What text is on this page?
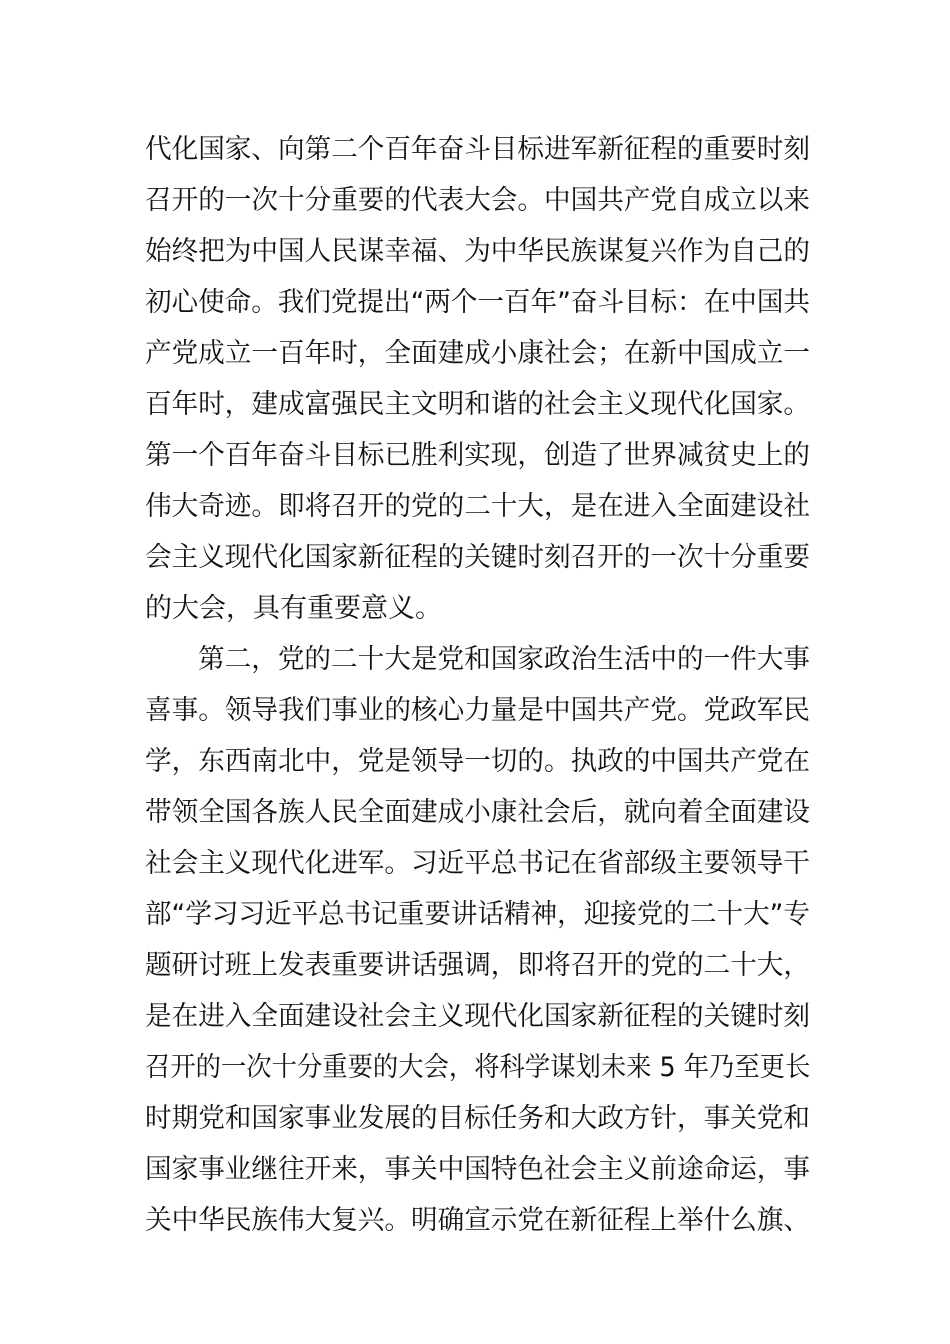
代化国家、向第二个百年奋斗目标进军新征程的重要时刻
召开的一次十分重要的代表大会。中国共产党自成立以来
始终把为中国人民谋幸福、为中华民族谋复兴作为自己的
初心使命。我们党提出“两个一百年”奋斗目标：在中国共
产党成立一百年时，全面建成小康社会；在新中国成立一
百年时，建成富强民主文明和谐的社会主义现代化国家。
第一个百年奋斗目标已胜利实现，创造了世界减贫史上的
伟大奇迹。即将召开的党的二十大，是在进入全面建设社
会主义现代化国家新征程的关键时刻召开的一次十分重要
的大会，具有重要意义。
第二，党的二十大是党和国家政治生活中的一件大事
喜事。领导我们事业的核心力量是中国共产党。党政军民
学，东西南北中，党是领导一切的。执政的中国共产党在
带领全国各族人民全面建成小康社会后，就向着全面建设
社会主义现代化进军。习近平总书记在省部级主要领导干
部“学习习近平总书记重要讲话精神，迎接党的二十大”专
题研讨班上发表重要讲话强调，即将召开的党的二十大，
是在进入全面建设社会主义现代化国家新征程的关键时刻
召开的一次十分重要的大会，将科学谋划未来 5 年乃至更长
时期党和国家事业发展的目标任务和大政方针，事关党和
国家事业继往开来，事关中国特色社会主义前途命运，事
关中华民族伟大复兴。明确宣示党在新征程上举什么旗、
